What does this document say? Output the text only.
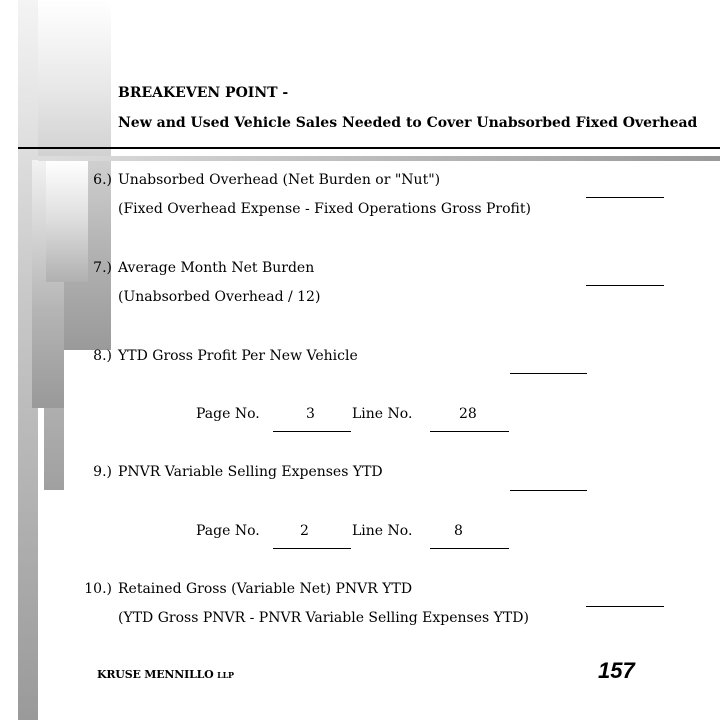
BREAKEVEN POINT -
New and Used Vehicle Sales Needed to Cover Unabsorbed Fixed Overhead
6.) Unabsorbed Overhead (Net Burden or "Nut")
(Fixed Overhead Expense - Fixed Operations Gross Profit)
7.) Average Month Net Burden
(Unabsorbed Overhead / 12)
8.) YTD Gross Profit Per New Vehicle
Page No.	3	Line No.	28
9.) PNVR Variable Selling Expenses YTD
Page No.	2	Line No.	8
10.) Retained Gross (Variable Net) PNVR YTD
(YTD Gross PNVR - PNVR Variable Selling Expenses YTD)
KRUSE MENNILLO LLP	157
